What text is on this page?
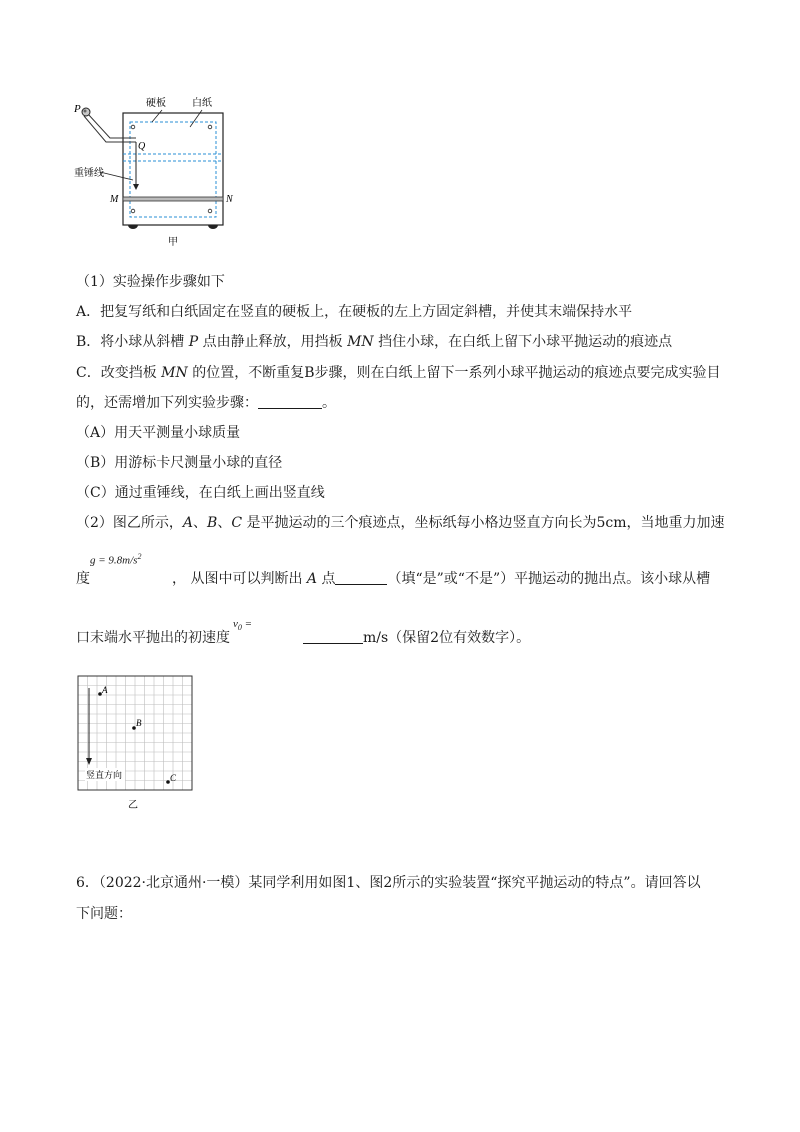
P
Q
M	N
硬板	白纸
重锤线
甲
（1）实验操作步骤如下
A．把复写纸和白纸固定在竖直的硬板上，在硬板的左上方固定斜槽，并使其末端保持水平
B．将小球从斜槽 P 点由静止释放，用挡板 MN 挡住小球，在白纸上留下小球平抛运动的痕迹点
C．改变挡板 MN 的位置，不断重复B步骤，则在白纸上留下一系列小球平抛运动的痕迹点要完成实验目
的，还需增加下列实验步骤：	。
（A）用天平测量小球质量
（B）用游标卡尺测量小球的直径
（C）通过重锤线，在白纸上画出竖直线
（2）图乙所示，A、B、C 是平抛运动的三个痕迹点，坐标纸每小格边竖直方向长为5cm，当地重力加速
$g = 9.8m/s^2$
度	， 从图中可以判断出 A 点	（填“是”或“不是”）平抛运动的抛出点。该小球从槽
$v_0$ =
口末端水平抛出的初速度	m/s（保留2位有效数字）。
A
B
C
竖直方向
乙
6．（2022·北京通州·一模）某同学利用如图1、图2所示的实验装置“探究平抛运动的特点”。请回答以
下问题：
